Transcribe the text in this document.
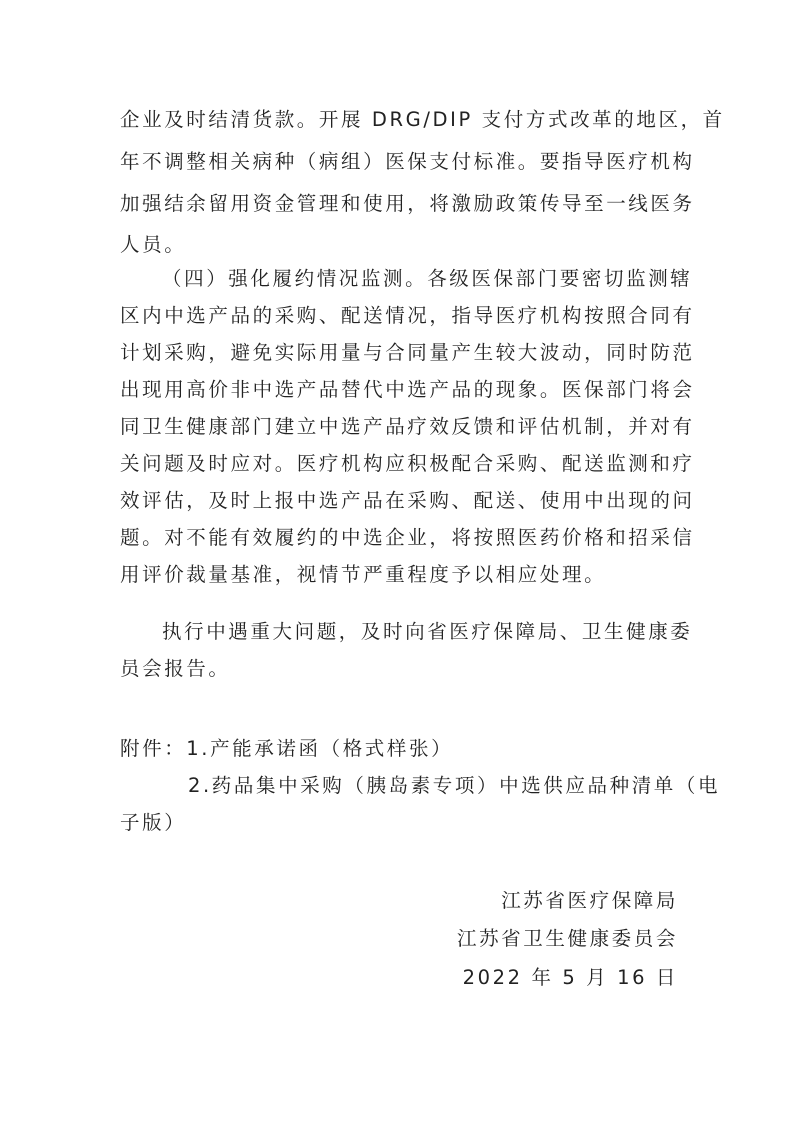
企业及时结清货款。开展 DRG/DIP 支付方式改革的地区，首
年不调整相关病种（病组）医保支付标准。要指导医疗机构
加强结余留用资金管理和使用，将激励政策传导至一线医务
人员。
（四）强化履约情况监测。各级医保部门要密切监测辖
区内中选产品的采购、配送情况，指导医疗机构按照合同有
计划采购，避免实际用量与合同量产生较大波动，同时防范
出现用高价非中选产品替代中选产品的现象。医保部门将会
同卫生健康部门建立中选产品疗效反馈和评估机制，并对有
关问题及时应对。医疗机构应积极配合采购、配送监测和疗
效评估，及时上报中选产品在采购、配送、使用中出现的问
题。对不能有效履约的中选企业，将按照医药价格和招采信
用评价裁量基准，视情节严重程度予以相应处理。
执行中遇重大问题，及时向省医疗保障局、卫生健康委
员会报告。
附件：1.产能承诺函（格式样张）
2.药品集中采购（胰岛素专项）中选供应品种清单（电
子版）
江苏省医疗保障局
江苏省卫生健康委员会
2022 年 5 月 16 日
